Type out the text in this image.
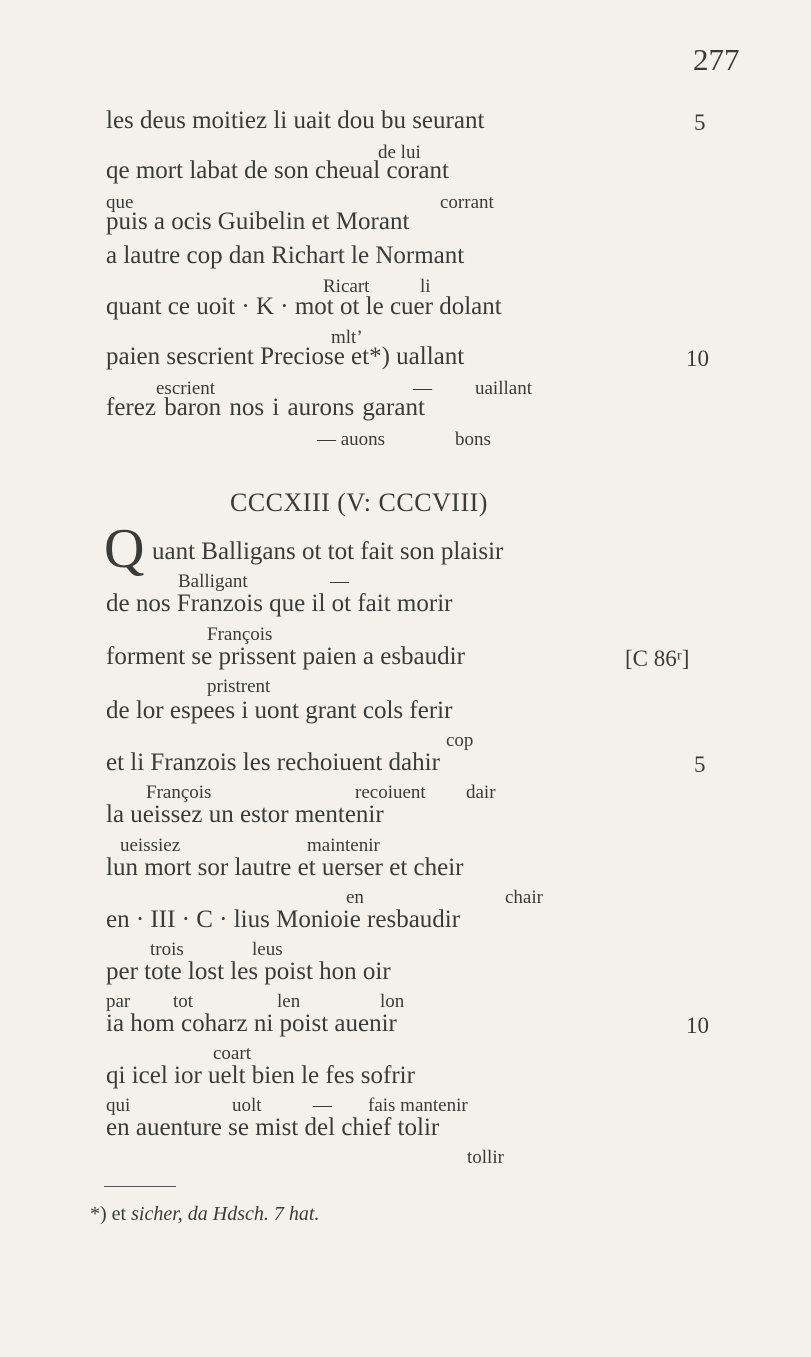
277
les deus moitiez li uait dou bu seurant	5
de lui
qe mort labat de son cheual corant
que	corrant
puis a ocis Guibelin et Morant
a lautre cop dan Richart le Normant
Ricart	li
quant ce uoit · K · mot ot le cuer dolant
mlt’
paien sescrient Preciose et*) uallant	10
escrient	— uaillant
ferez baron nos i aurons garant
— auons	bons
CCCXIII (V: CCCVIII)
Q uant Balligans ot tot fait son plaisir
Balligant	—
de nos Franzois que il ot fait morir
François
forment se prissent paien a esbaudir	[C 86ʳ]
pristrent
de lor espees i uont grant cols ferir
cop
et li Franzois les rechoiuent dahir	5
François	recoiuent dair
la ueissez un estor mentenir
ueissiez	maintenir
lun mort sor lautre et uerser et cheir
en	chair
en · III · C · lius Monioie resbaudir
trois	leus
per tote lost les poist hon oir
par tot	len	lon
ia hom coharz ni poist auenir	10
coart
qi icel ior uelt bien le fes sofrir
qui	uolt	— fais mantenir
en auenture se mist del chief tolir
tollir
*) et sicher, da Hdsch. 7 hat.
